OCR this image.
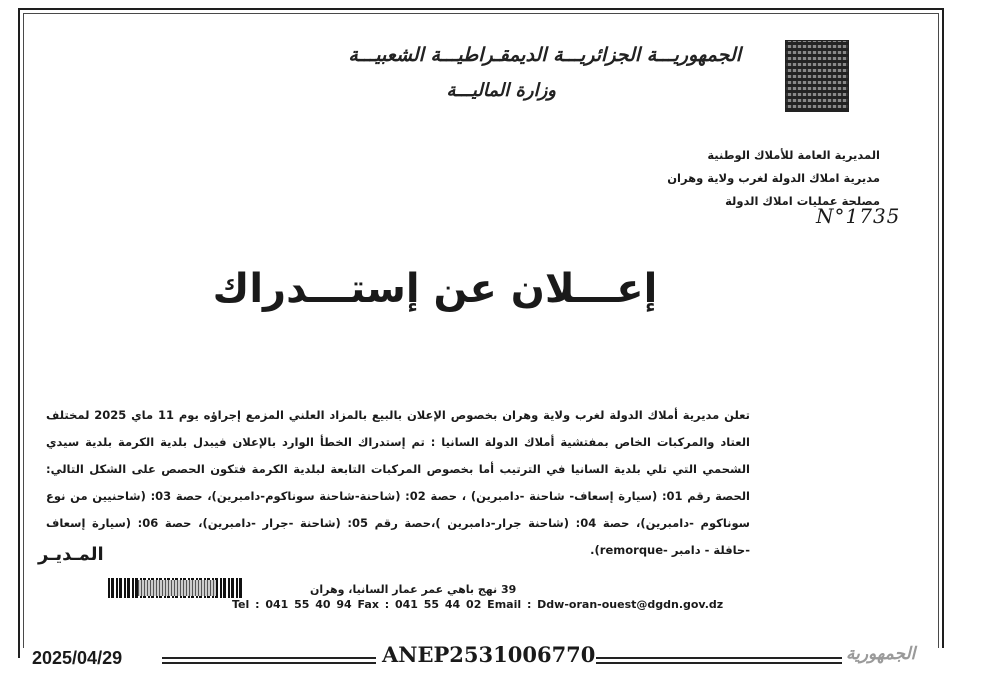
الجمهوريـــة الجزائريـــة الديمقـراطيـــة الشعبيـــة
وزارة الماليـــة
المديرية العامة للأملاك الوطنية
مديرية املاك الدولة لغرب ولاية وهران
مصلحة عمليات املاك الدولة
N°1735
إعـــلان عن إستـــدراك
تعلن مديرية أملاك الدولة لغرب ولاية وهران بخصوص الإعلان بالبيع بالمزاد العلني المزمع إجراؤه يوم 11 ماي 2025 لمختلف العتاد والمركبات الخاص بمفتشية أملاك الدولة السانيا : تم إستدراك الخطأ الوارد بالإعلان فيبدل بلدية الكرمة بلدية سيدي الشحمي التي تلي بلدية السانيا في الترتيب أما بخصوص المركبات التابعة لبلدية الكرمة فتكون الحصص على الشكل التالي: الحصة رقم 01: (سيارة إسعاف- شاحنة -دامبرين) ، حصة 02: (شاحنة-شاحنة سوناكوم-دامبرين)، حصة 03: (شاحنيين من نوع سوناكوم -دامبرين)، حصة 04: (شاحنة جرار-دامبرين )،حصة رقم 05: (شاحنة -جرار -دامبرين)، حصة 06: (سيارة إسعاف -حافلة - دامبر -remorque).
المـديـر
39 نهج باهي عمر عمار السانيا، وهران
Tel : 041 55 40 94 Fax : 041 55 44 02 Email : Ddw-oran-ouest@dgdn.gov.dz
2025/04/29	ANEP2531006770	الجمهورية
